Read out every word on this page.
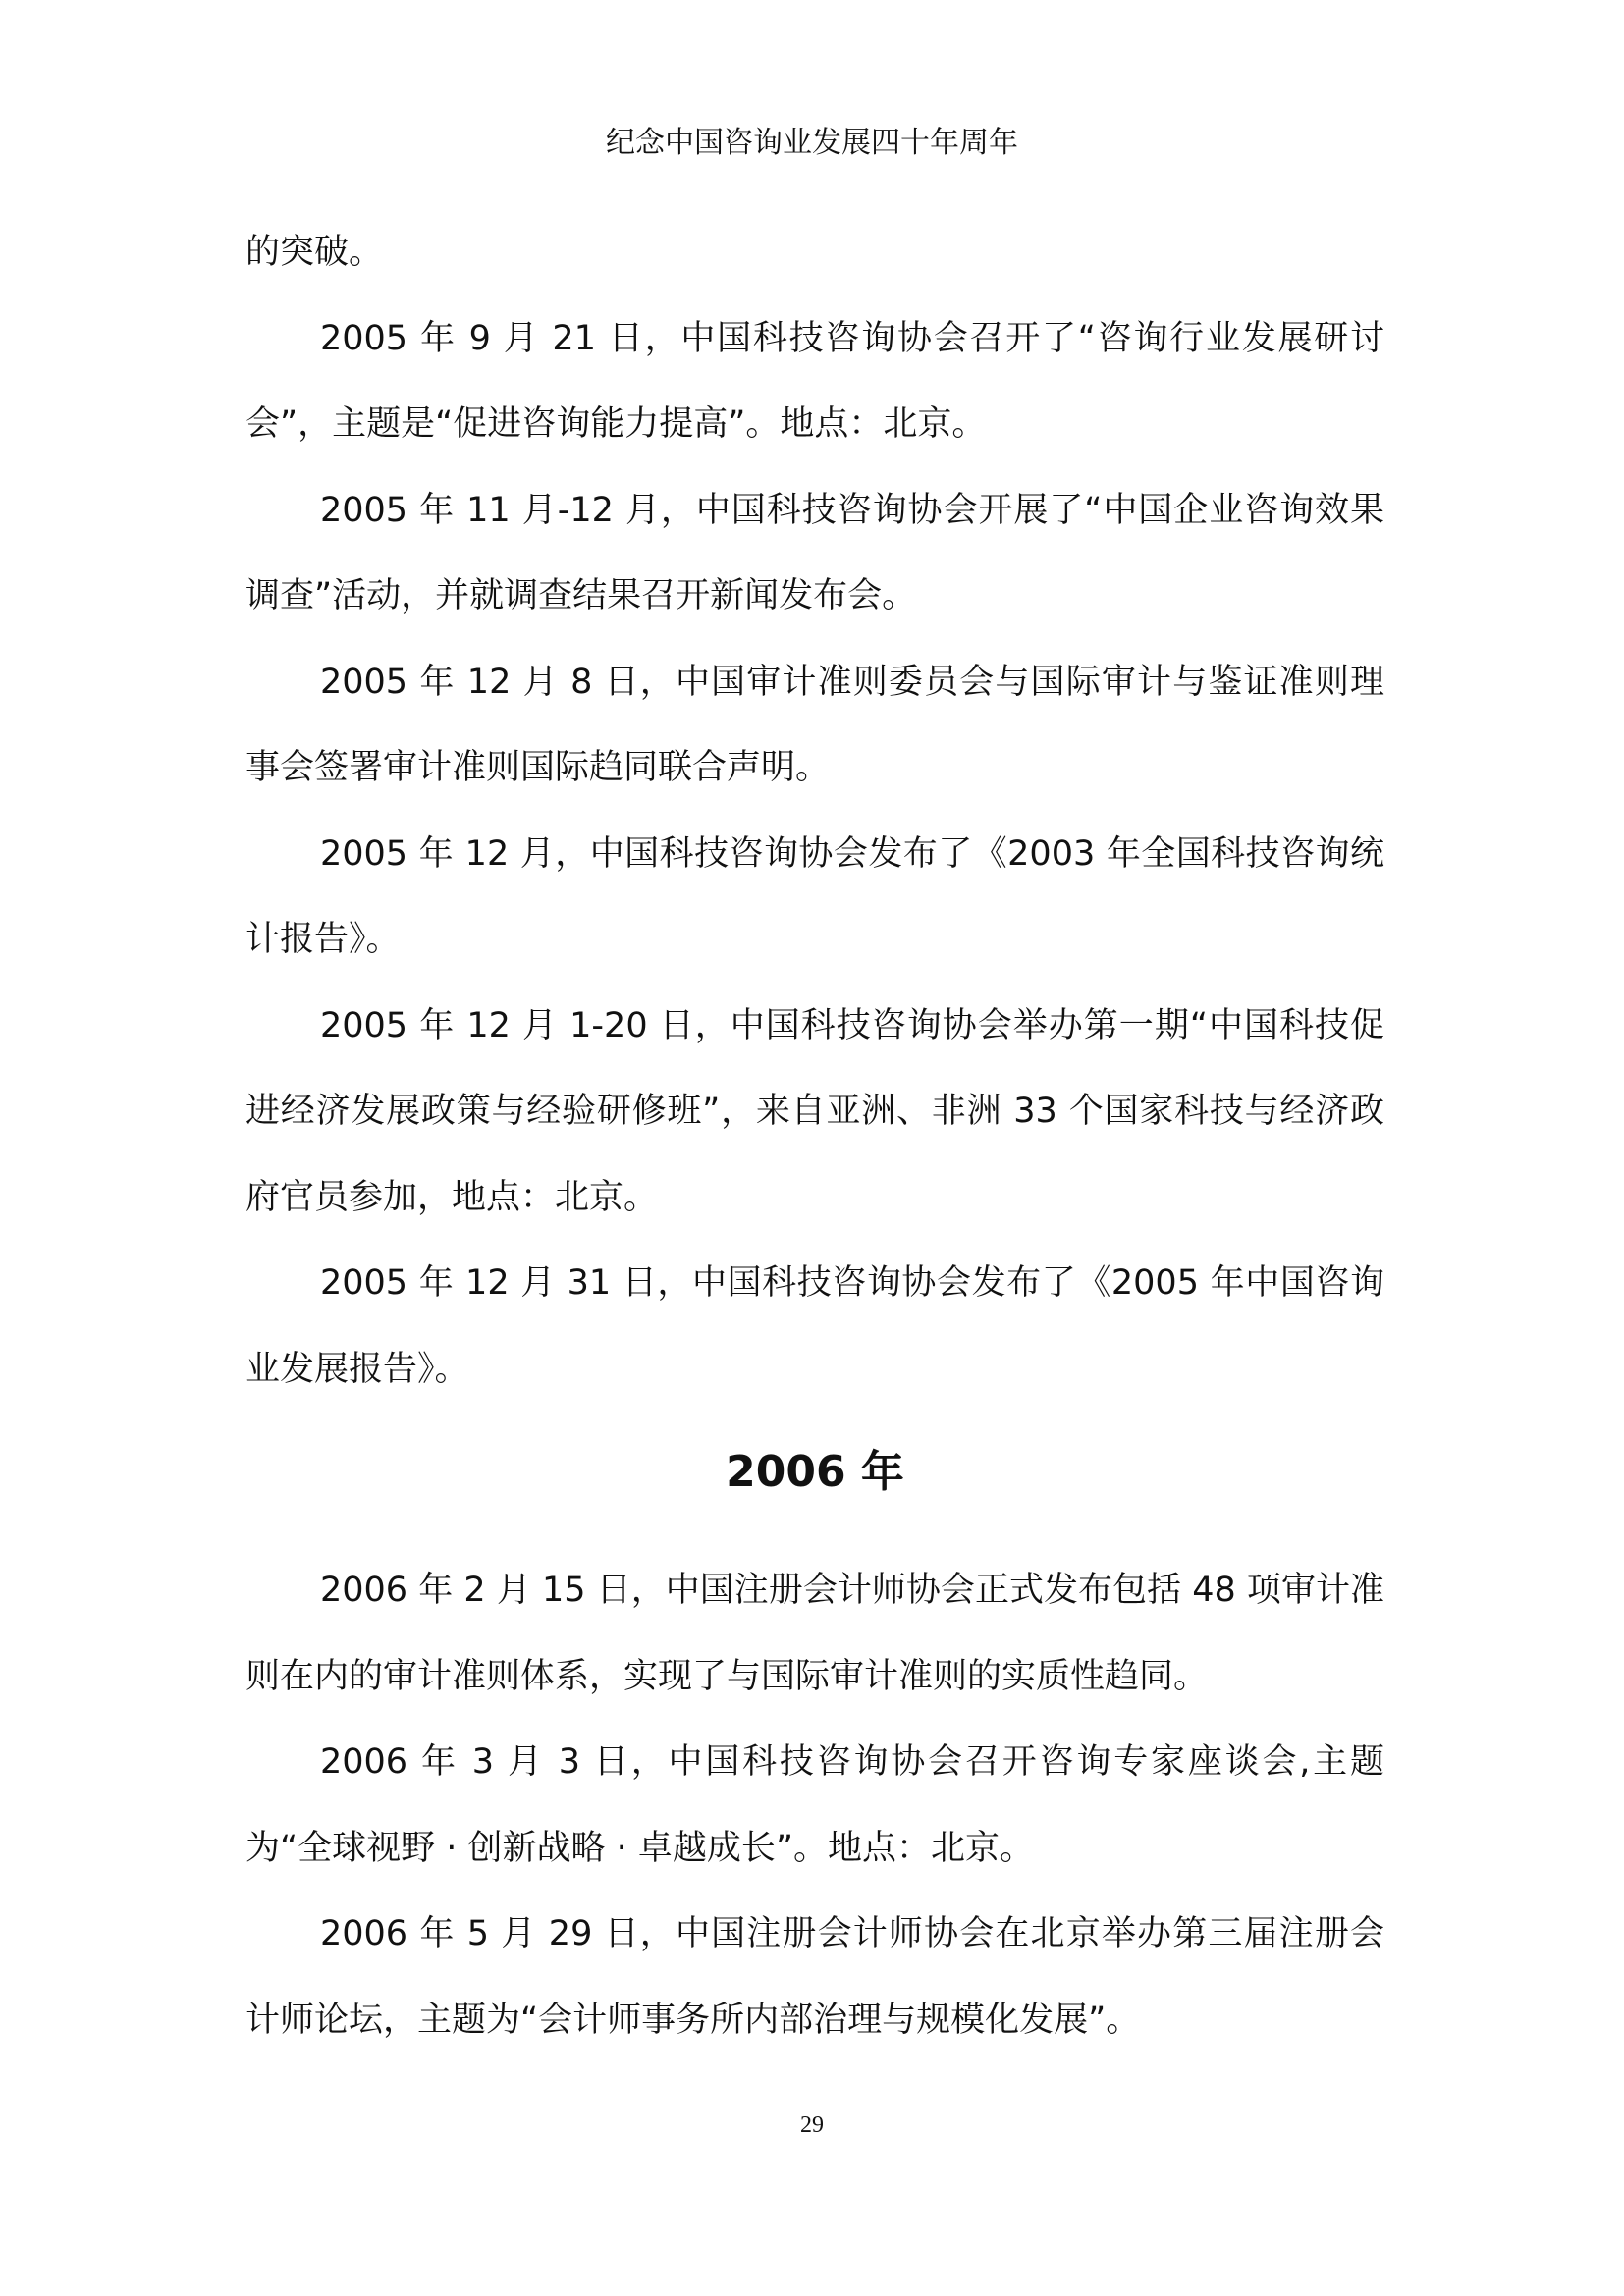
纪念中国咨询业发展四十年周年

的突破。

2005 年 9 月 21 日，中国科技咨询协会召开了“咨询行业发展研讨会”，主题是“促进咨询能力提高”。地点：北京。

2005 年 11 月-12 月，中国科技咨询协会开展了“中国企业咨询效果调查”活动，并就调查结果召开新闻发布会。

2005 年 12 月 8 日，中国审计准则委员会与国际审计与鉴证准则理事会签署审计准则国际趋同联合声明。

2005 年 12 月，中国科技咨询协会发布了《2003 年全国科技咨询统计报告》。

2005 年 12 月 1-20 日，中国科技咨询协会举办第一期“中国科技促进经济发展政策与经验研修班”，来自亚洲、非洲 33 个国家科技与经济政府官员参加，地点：北京。

2005 年 12 月 31 日，中国科技咨询协会发布了《2005 年中国咨询业发展报告》。

2006 年

2006 年 2 月 15 日，中国注册会计师协会正式发布包括 48 项审计准则在内的审计准则体系，实现了与国际审计准则的实质性趋同。

2006 年 3 月 3 日，中国科技咨询协会召开咨询专家座谈会,主题为“全球视野 · 创新战略 · 卓越成长”。地点：北京。

2006 年 5 月 29 日，中国注册会计师协会在北京举办第三届注册会计师论坛，主题为“会计师事务所内部治理与规模化发展”。

29
